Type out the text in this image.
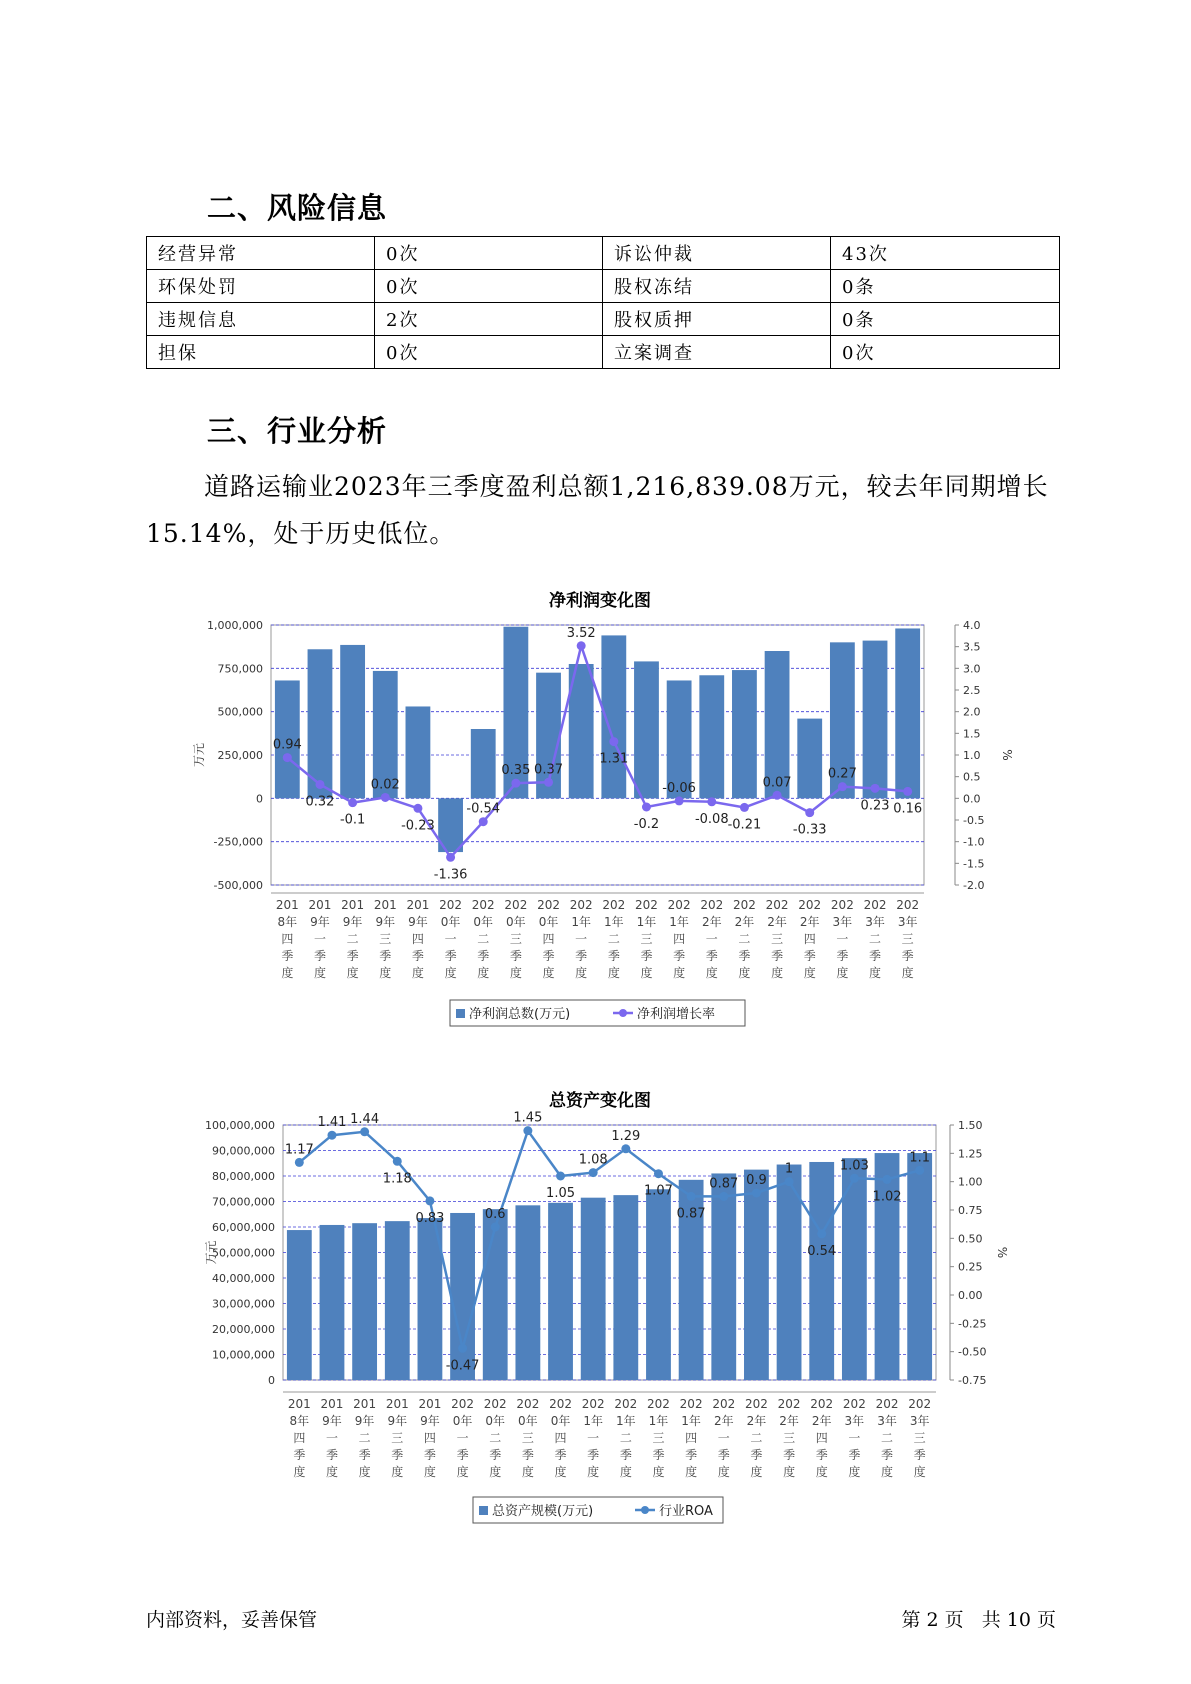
二、风险信息
经营异常	0次	诉讼仲裁	43次
环保处罚	0次	股权冻结	0条
违规信息	2次	股权质押	0条
担保	0次	立案调查	0次
三、行业分析
道路运输业2023年三季度盈利总额1,216,839.08万元，较去年同期增长15.14%，处于历史低位。
净利润变化图
1,000,000
750,000
500,000
250,000
0
-250,000
-500,000
4.0
3.5
3.0
2.5
2.0
1.5
1.0
0.5
0.0
-0.5
-1.0
-1.5
-2.0
万元	%
0.94
0.32
-0.1
0.02
-0.23
-1.36
-0.54
0.35 0.37
3.52
1.31
-0.2
-0.06
-0.08 -0.21
0.07
-0.33
0.27
0.23 0.16
201
8年
四
季
度
201
9年
一
季
度
201
9年
二
季
度
201
9年
三
季
度
201
9年
四
季
度
202
0年
一
季
度
202
0年
二
季
度
202
0年
三
季
度
202
0年
四
季
度
202
1年
一
季
度
202
1年
二
季
度
202
1年
三
季
度
202
1年
四
季
度
202
2年
一
季
度
202
2年
二
季
度
202
2年
三
季
度
202
2年
四
季
度
202
3年
一
季
度
202
3年
二
季
度
202
3年
三
季
度
净利润总数(万元)	净利润增长率
总资产变化图
100,000,000
90,000,000
80,000,000
70,000,000
60,000,000
50,000,000
40,000,000
30,000,000
20,000,000
10,000,000
0
1.50
1.25
1.00
0.75
0.50
0.25
0.00
-0.25
-0.50
-0.75
万元	%
1.17
1.41 1.44
1.18
0.83
-0.47
0.6
1.45
1.05
1.08
1.29
1.07
0.87
0.87 0.9
1
0.54
1.03
1.02
1.1
201
8年
四
季
度
201
9年
一
季
度
201
9年
二
季
度
201
9年
三
季
度
201
9年
四
季
度
202
0年
一
季
度
202
0年
二
季
度
202
0年
三
季
度
202
0年
四
季
度
202
1年
一
季
度
202
1年
二
季
度
202
1年
三
季
度
202
1年
四
季
度
202
2年
一
季
度
202
2年
二
季
度
202
2年
三
季
度
202
2年
四
季
度
202
3年
一
季
度
202
3年
二
季
度
202
3年
三
季
度
总资产规模(万元)	行业ROA
内部资料，妥善保管	第 2 页   共 10 页
